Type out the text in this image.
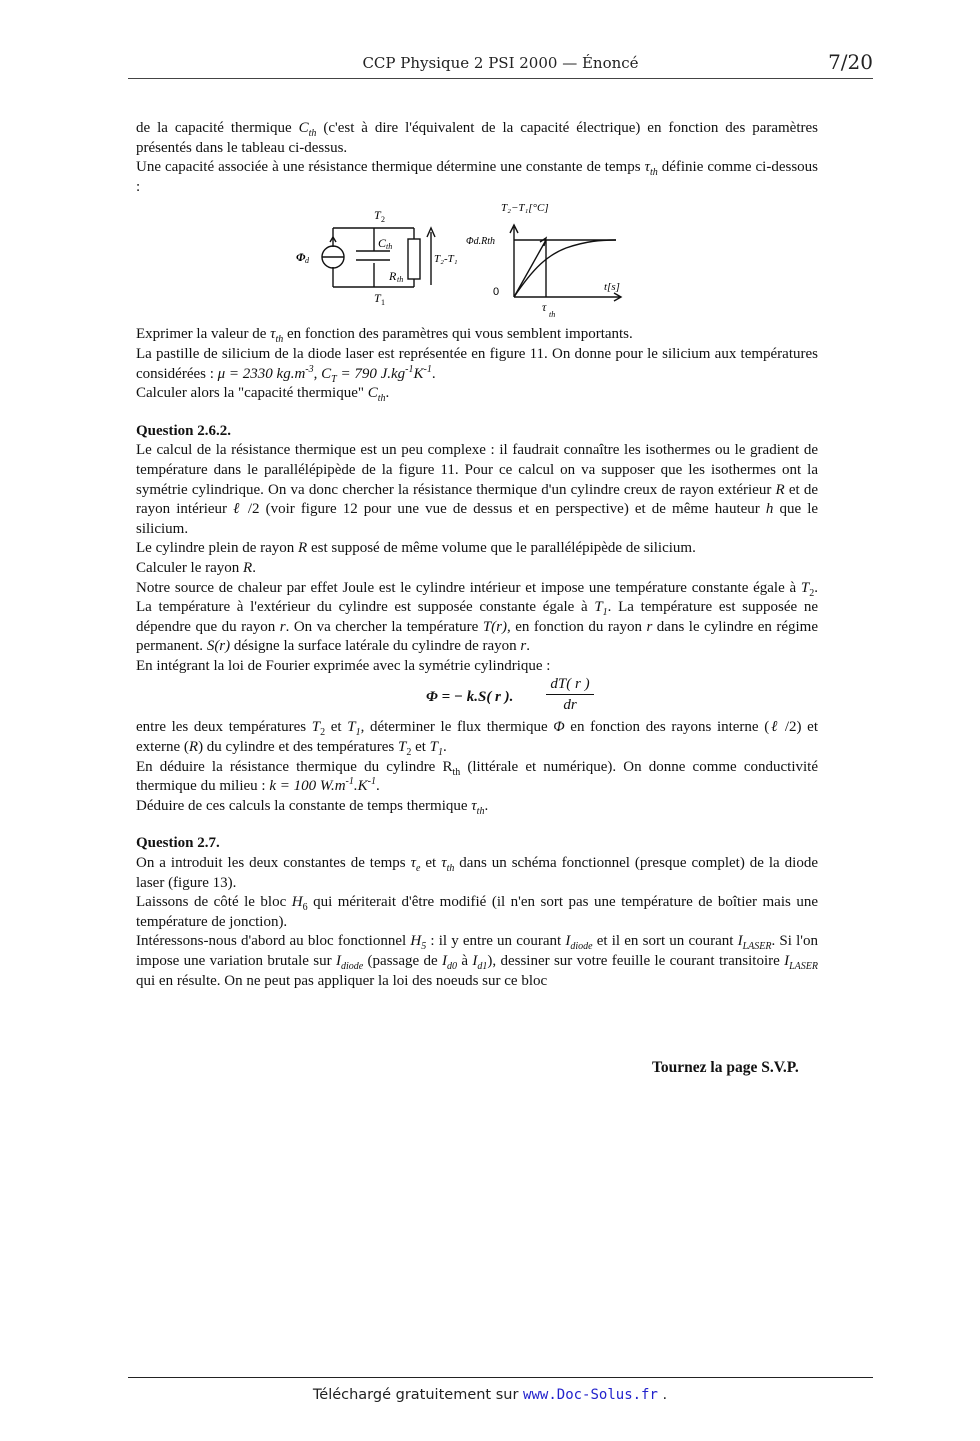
CCP Physique 2 PSI 2000 — Énoncé	7/20

de la capacité thermique $C_{th}$ (c'est à dire l'équivalent de la capacité électrique) en fonction des paramètres présentés dans le tableau ci-dessus.

Une capacité associée à une résistance thermique détermine une constante de temps $\tau_{th}$ définie comme ci-dessous :

T 2
C th
R th
T 1
Φ d	T₂-T₁
T₂−T₁[°C]
Φd.Rth
0	t[s]
τ
th

Exprimer la valeur de $\tau_{th}$ en fonction des paramètres qui vous semblent importants.

La pastille de silicium de la diode laser est représentée en figure 11. On donne pour le silicium aux températures considérées : μ = 2330 $kg.m^{-3}$, $C_T = 790$ $J.kg^{-1}K^{-1}$.

Calculer alors la "capacité thermique" $C_{th}$.

Question 2.6.2.

Le calcul de la résistance thermique est un peu complexe : il faudrait connaître les isothermes ou le gradient de température dans le parallélépipède de la figure 11. Pour ce calcul on va supposer que les isothermes ont la symétrie cylindrique. On va donc chercher la résistance thermique d'un cylindre creux de rayon extérieur R et de rayon intérieur ℓ /2 (voir figure 12 pour une vue de dessus et en perspective) et de même hauteur h que le silicium.

Le cylindre plein de rayon R est supposé de même volume que le parallélépipède de silicium.

Calculer le rayon R.

Notre source de chaleur par effet Joule est le cylindre intérieur et impose une température constante égale à $T_2$. La température à l'extérieur du cylindre est supposée constante égale à $T_1$. La température est supposée ne dépendre que du rayon r. On va chercher la température T(r), en fonction du rayon r dans le cylindre en régime permanent. S(r) désigne la surface latérale du cylindre de rayon r.

En intégrant la loi de Fourier exprimée avec la symétrie cylindrique :

Φ = − k.S( r ). $\frac{dT( r )}{dr}$

entre les deux températures $T_2$ et $T_1$, déterminer le flux thermique Φ en fonction des rayons interne (ℓ /2) et externe (R) du cylindre et des températures $T_2$ et $T_1$.

En déduire la résistance thermique du cylindre $R_{th}$ (littérale et numérique). On donne comme conductivité thermique du milieu : k = 100 $W.m^{-1}.K^{-1}$.

Déduire de ces calculs la constante de temps thermique $\tau_{th}$.

Question 2.7.

On a introduit les deux constantes de temps $\tau_e$ et $\tau_{th}$ dans un schéma fonctionnel (presque complet) de la diode laser (figure 13).

Laissons de côté le bloc $H_6$ qui mériterait d'être modifié (il n'en sort pas une température de boîtier mais une température de jonction).

Intéressons-nous d'abord au bloc fonctionnel $H_5$ : il y entre un courant $I_{diode}$ et il en sort un courant $I_{LASER}$. Si l'on impose une variation brutale sur $I_{diode}$ (passage de $I_{d0}$ à $I_{d1}$), dessiner sur votre feuille le courant transitoire $I_{LASER}$ qui en résulte. On ne peut pas appliquer la loi des noeuds sur ce bloc

Tournez la page S.V.P.
Téléchargé gratuitement sur www.Doc-Solus.fr .
